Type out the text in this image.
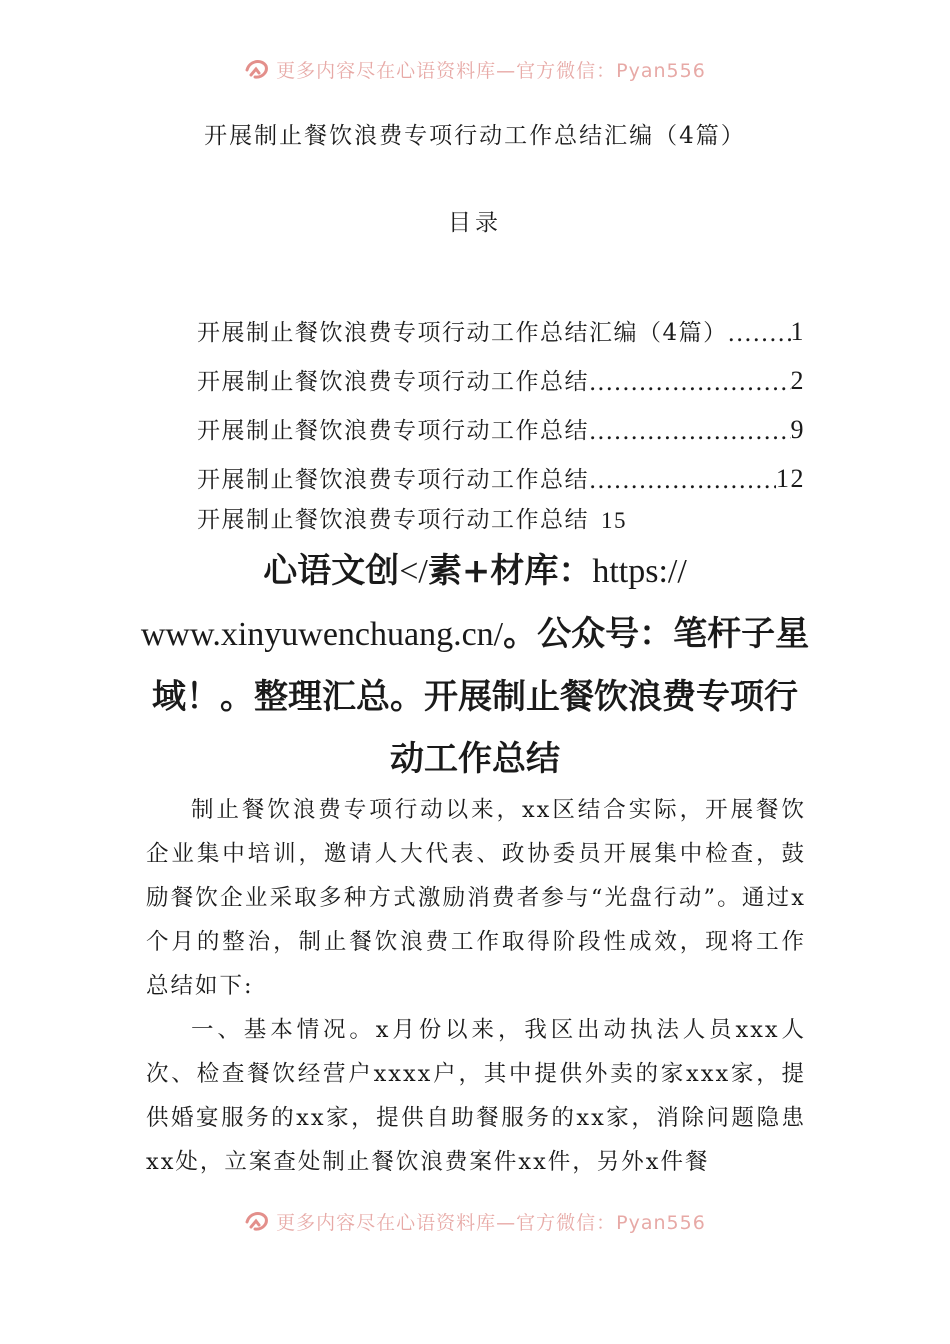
更多内容尽在心语资料库—官方微信：Pyan556
开展制止餐饮浪费专项行动工作总结汇编（4篇）
目录
开展制止餐饮浪费专项行动工作总结汇编（4篇） ..... 1
开展制止餐饮浪费专项行动工作总结 .....	2
开展制止餐饮浪费专项行动工作总结 .....	9
开展制止餐饮浪费专项行动工作总结 .....	12
开展制止餐饮浪费专项行动工作总结 15
心语文创</素+材库：https://
www.xinyuwenchuang.cn/。公众号：笔杆子星域！。整理汇总。开展制止餐饮浪费专项行动工作总结

制止餐饮浪费专项行动以来，xx区结合实际，开展餐饮企业集中培训，邀请人大代表、政协委员开展集中检查，鼓励餐饮企业采取多种方式激励消费者参与“光盘行动”。通过x个月的整治，制止餐饮浪费工作取得阶段性成效，现将工作总结如下:

一、基本情况。x月份以来，我区出动执法人员xxx人次、检查餐饮经营户xxxx户，其中提供外卖的家xxx家，提供婚宴服务的xx家，提供自助餐服务的xx家，消除问题隐患xx处，立案查处制止餐饮浪费案件xx件，另外x件餐

更多内容尽在心语资料库—官方微信：Pyan556
